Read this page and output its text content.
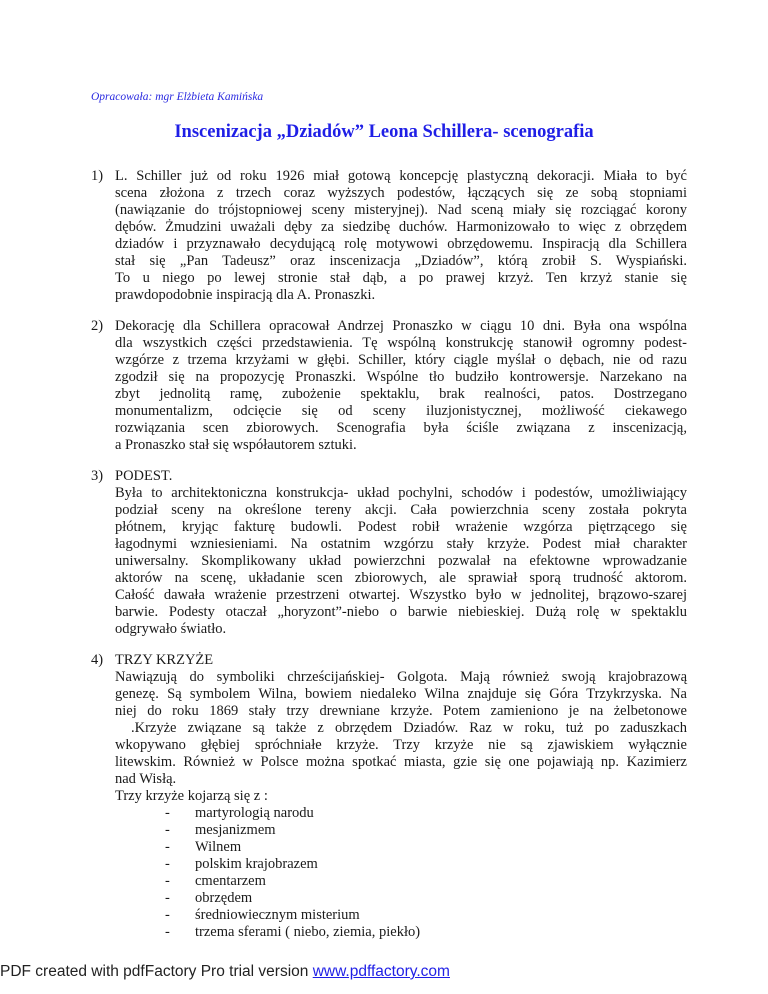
Opracowała: mgr Elżbieta Kamińska
Inscenizacja „Dziadów” Leona Schillera- scenografia
1) L. Schiller już od roku 1926 miał gotową koncepcję plastyczną dekoracji. Miała to być
scena złożona z trzech coraz wyższych podestów, łączących się ze sobą stopniami
(nawiązanie do trójstopniowej sceny misteryjnej). Nad sceną miały się rozciągać korony
dębów. Żmudzini uważali dęby za siedzibę duchów. Harmonizowało to więc z obrzędem
dziadów i przyznawało decydującą rolę motywowi obrzędowemu. Inspiracją dla Schillera
stał się „Pan Tadeusz” oraz inscenizacja „Dziadów”, którą zrobił S. Wyspiański.
To u niego po lewej stronie stał dąb, a po prawej krzyż. Ten krzyż stanie się
prawdopodobnie inspiracją dla A. Pronaszki.
2) Dekorację dla Schillera opracował Andrzej Pronaszko w ciągu 10 dni. Była ona wspólna
dla wszystkich części przedstawienia. Tę wspólną konstrukcję stanowił ogromny podest-
wzgórze z trzema krzyżami w głębi. Schiller, który ciągle myślał o dębach, nie od razu
zgodził się na propozycję Pronaszki. Wspólne tło budziło kontrowersje. Narzekano na
zbyt jednolitą ramę, zubożenie spektaklu, brak realności, patos. Dostrzegano
monumentalizm, odcięcie się od sceny iluzjonistycznej, możliwość ciekawego
rozwiązania scen zbiorowych. Scenografia była ściśle związana z inscenizacją,
a Pronaszko stał się współautorem sztuki.
3) PODEST.
Była to architektoniczna konstrukcja- układ pochylni, schodów i podestów, umożliwiający
podział sceny na określone tereny akcji. Cała powierzchnia sceny została pokryta
płótnem, kryjąc fakturę budowli. Podest robił wrażenie wzgórza piętrzącego się
łagodnymi wzniesieniami. Na ostatnim wzgórzu stały krzyże. Podest miał charakter
uniwersalny. Skomplikowany układ powierzchni pozwalał na efektowne wprowadzanie
aktorów na scenę, układanie scen zbiorowych, ale sprawiał sporą trudność aktorom.
Całość dawała wrażenie przestrzeni otwartej. Wszystko było w jednolitej, brązowo-szarej
barwie. Podesty otaczał „horyzont”-niebo o barwie niebieskiej. Dużą rolę w spektaklu
odgrywało światło.
4) TRZY KRZYŻE
Nawiązują do symboliki chrześcijańskiej- Golgota. Mają również swoją krajobrazową
genezę. Są symbolem Wilna, bowiem niedaleko Wilna znajduje się Góra Trzykrzyska. Na
niej do roku 1869 stały trzy drewniane krzyże. Potem zamieniono je na żelbetonowe
.Krzyże związane są także z obrzędem Dziadów. Raz w roku, tuż po zaduszkach
wkopywano głębiej spróchniałe krzyże. Trzy krzyże nie są zjawiskiem wyłącznie
litewskim. Również w Polsce można spotkać miasta, gzie się one pojawiają np. Kazimierz
nad Wisłą.
Trzy krzyże kojarzą się z :
- martyrologią narodu
- mesjanizmem
- Wilnem
- polskim krajobrazem
- cmentarzem
- obrzędem
- średniowiecznym misterium
- trzema sferami ( niebo, ziemia, piekło)
PDF created with pdfFactory Pro trial version www.pdffactory.com
